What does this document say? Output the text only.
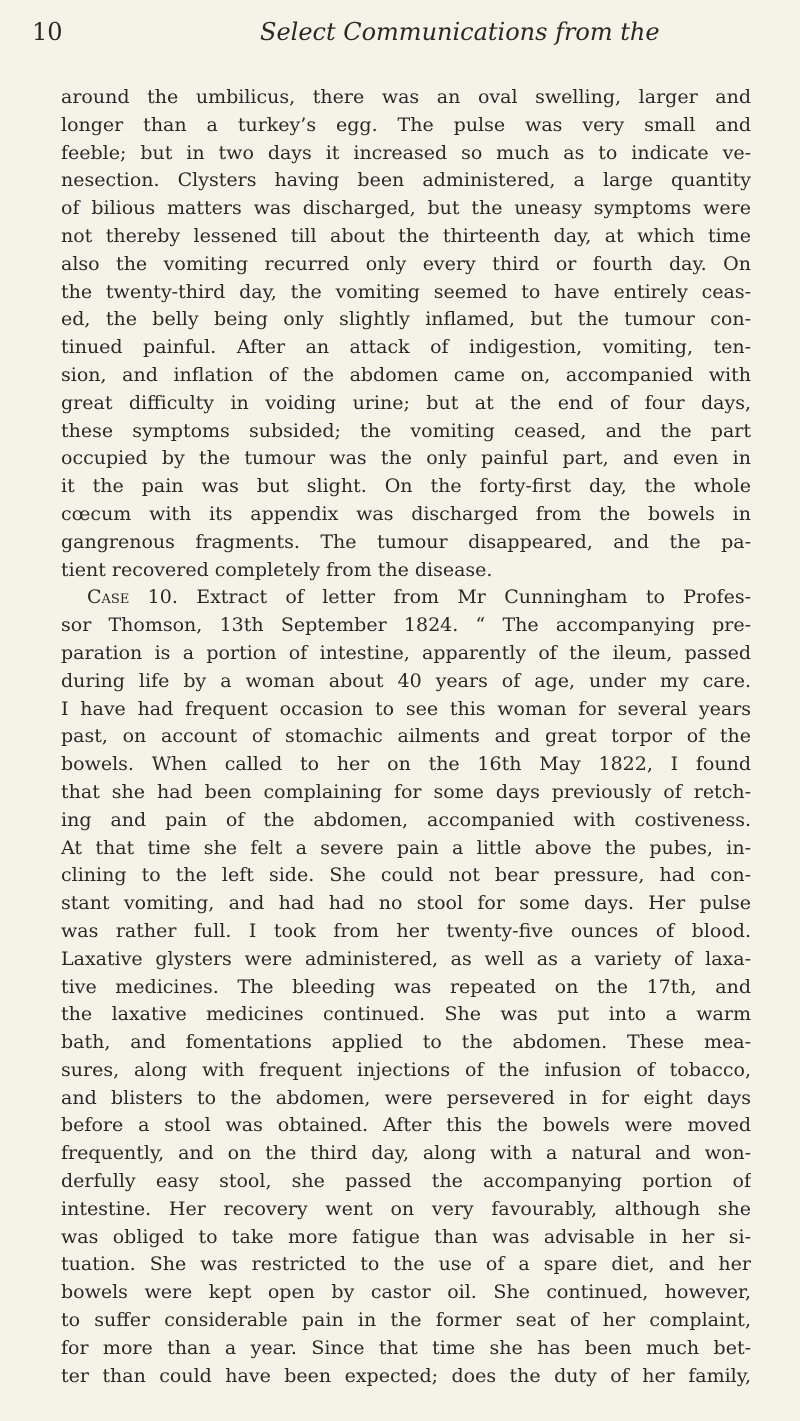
10	Select Communications from the
around the umbilicus, there was an oval swelling, larger and
longer than a turkey’s egg. The pulse was very small and
feeble; but in two days it increased so much as to indicate ve-
nesection. Clysters having been administered, a large quantity
of bilious matters was discharged, but the uneasy symptoms were
not thereby lessened till about the thirteenth day, at which time
also the vomiting recurred only every third or fourth day. On
the twenty-third day, the vomiting seemed to have entirely ceas-
ed, the belly being only slightly inflamed, but the tumour con-
tinued painful. After an attack of indigestion, vomiting, ten-
sion, and inflation of the abdomen came on, accompanied with
great difficulty in voiding urine; but at the end of four days,
these symptoms subsided; the vomiting ceased, and the part
occupied by the tumour was the only painful part, and even in
it the pain was but slight. On the forty-first day, the whole
cœcum with its appendix was discharged from the bowels in
gangrenous fragments. The tumour disappeared, and the pa-
tient recovered completely from the disease.
Case 10. Extract of letter from Mr Cunningham to Profes-
sor Thomson, 13th September 1824. “ The accompanying pre-
paration is a portion of intestine, apparently of the ileum, passed
during life by a woman about 40 years of age, under my care.
I have had frequent occasion to see this woman for several years
past, on account of stomachic ailments and great torpor of the
bowels. When called to her on the 16th May 1822, I found
that she had been complaining for some days previously of retch-
ing and pain of the abdomen, accompanied with costiveness.
At that time she felt a severe pain a little above the pubes, in-
clining to the left side. She could not bear pressure, had con-
stant vomiting, and had had no stool for some days. Her pulse
was rather full. I took from her twenty-five ounces of blood.
Laxative glysters were administered, as well as a variety of laxa-
tive medicines. The bleeding was repeated on the 17th, and
the laxative medicines continued. She was put into a warm
bath, and fomentations applied to the abdomen. These mea-
sures, along with frequent injections of the infusion of tobacco,
and blisters to the abdomen, were persevered in for eight days
before a stool was obtained. After this the bowels were moved
frequently, and on the third day, along with a natural and won-
derfully easy stool, she passed the accompanying portion of
intestine. Her recovery went on very favourably, although she
was obliged to take more fatigue than was advisable in her si-
tuation. She was restricted to the use of a spare diet, and her
bowels were kept open by castor oil. She continued, however,
to suffer considerable pain in the former seat of her complaint,
for more than a year. Since that time she has been much bet-
ter than could have been expected; does the duty of her family,
